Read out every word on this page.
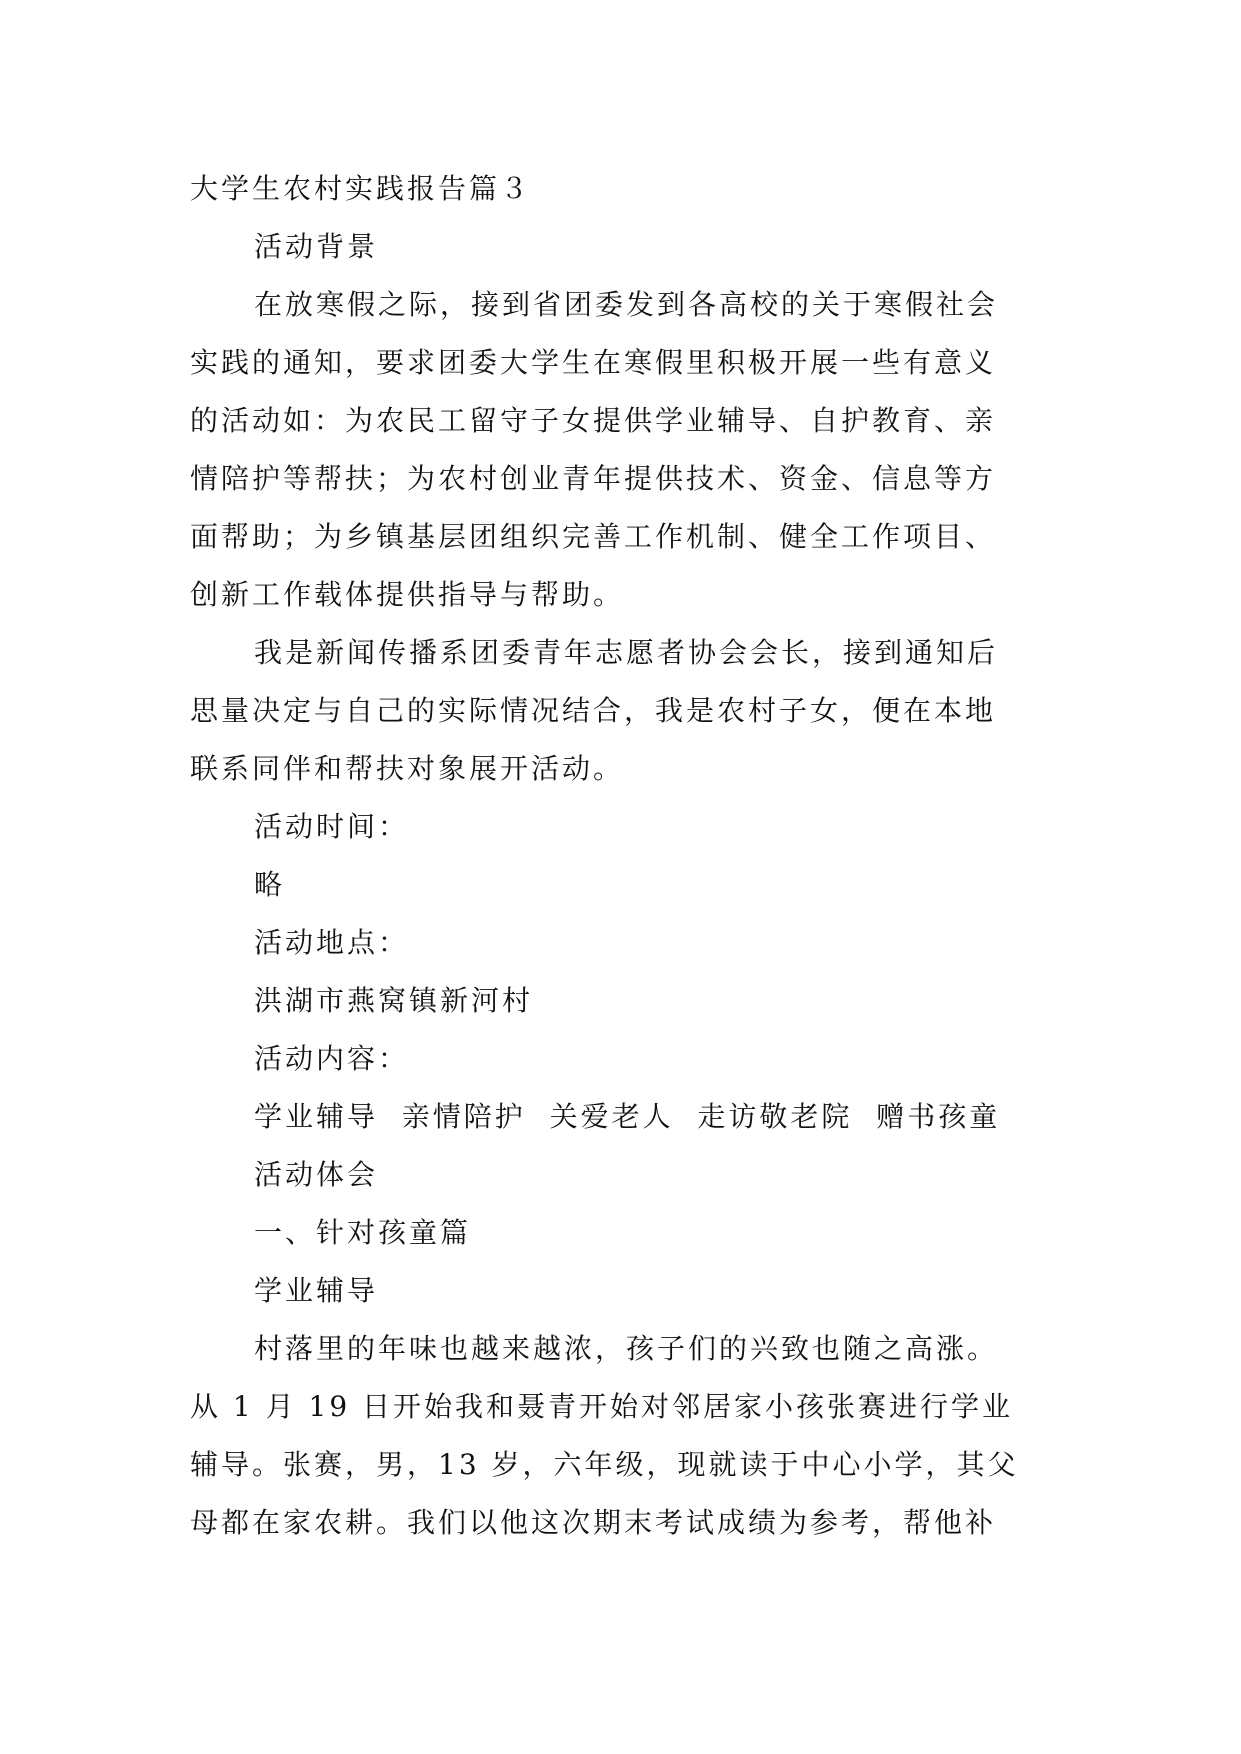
大学生农村实践报告篇３

活动背景

在放寒假之际，接到省团委发到各高校的关于寒假社会

实践的通知，要求团委大学生在寒假里积极开展一些有意义

的活动如：为农民工留守子女提供学业辅导、自护教育、亲

情陪护等帮扶；为农村创业青年提供技术、资金、信息等方

面帮助；为乡镇基层团组织完善工作机制、健全工作项目、

创新工作载体提供指导与帮助。

我是新闻传播系团委青年志愿者协会会长，接到通知后

思量决定与自己的实际情况结合，我是农村子女，便在本地

联系同伴和帮扶对象展开活动。

活动时间：

略

活动地点：

洪湖市燕窝镇新河村

活动内容：

学业辅导  亲情陪护  关爱老人  走访敬老院  赠书孩童

活动体会

一、针对孩童篇

学业辅导

村落里的年味也越来越浓，孩子们的兴致也随之高涨。

从 1 月 19 日开始我和聂青开始对邻居家小孩张赛进行学业

辅导。张赛，男，13 岁，六年级，现就读于中心小学，其父

母都在家农耕。我们以他这次期末考试成绩为参考，帮他补
